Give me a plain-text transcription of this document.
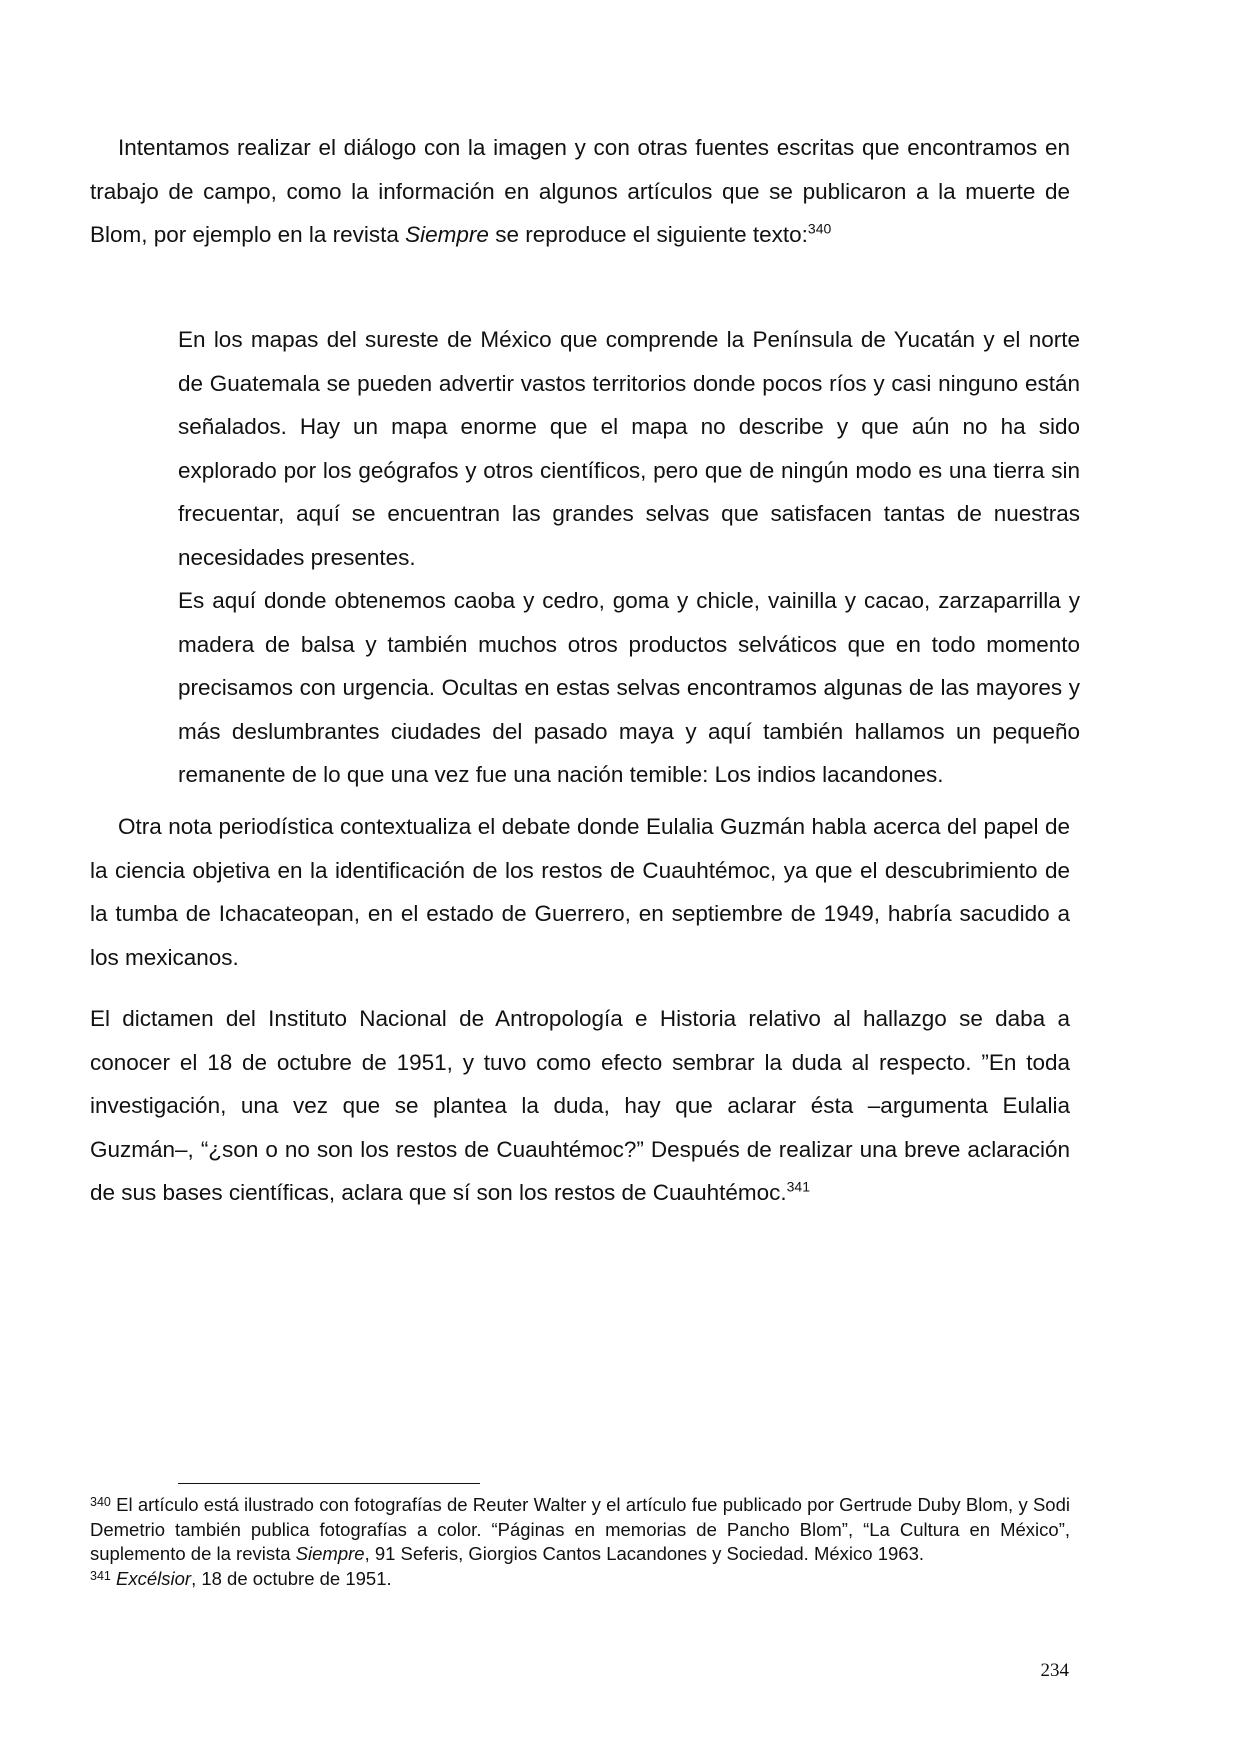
Intentamos realizar el diálogo con la imagen y con otras fuentes escritas que encontramos en trabajo de campo, como la información en algunos artículos que se publicaron a la muerte de Blom, por ejemplo en la revista Siempre se reproduce el siguiente texto:$^{340}$

En los mapas del sureste de México que comprende la Península de Yucatán y el norte de Guatemala se pueden advertir vastos territorios donde pocos ríos y casi ninguno están señalados. Hay un mapa enorme que el mapa no describe y que aún no ha sido explorado por los geógrafos y otros científicos, pero que de ningún modo es una tierra sin frecuentar, aquí se encuentran las grandes selvas que satisfacen tantas de nuestras necesidades presentes.

Es aquí donde obtenemos caoba y cedro, goma y chicle, vainilla y cacao, zarzaparrilla y madera de balsa y también muchos otros productos selváticos que en todo momento precisamos con urgencia. Ocultas en estas selvas encontramos algunas de las mayores y más deslumbrantes ciudades del pasado maya y aquí también hallamos un pequeño remanente de lo que una vez fue una nación temible: Los indios lacandones.

Otra nota periodística contextualiza el debate donde Eulalia Guzmán habla acerca del papel de la ciencia objetiva en la identificación de los restos de Cuauhtémoc, ya que el descubrimiento de la tumba de Ichacateopan, en el estado de Guerrero, en septiembre de 1949, habría sacudido a los mexicanos.

El dictamen del Instituto Nacional de Antropología e Historia relativo al hallazgo se daba a conocer el 18 de octubre de 1951, y tuvo como efecto sembrar la duda al respecto. ”En toda investigación, una vez que se plantea la duda, hay que aclarar ésta –argumenta Eulalia Guzmán–, “¿son o no son los restos de Cuauhtémoc?” Después de realizar una breve aclaración de sus bases científicas, aclara que sí son los restos de Cuauhtémoc.$^{341}$

$^{340}$ El artículo está ilustrado con fotografías de Reuter Walter y el artículo fue publicado por Gertrude Duby Blom, y Sodi Demetrio también publica fotografías a color. “Páginas en memorias de Pancho Blom”, “La Cultura en México”, suplemento de la revista Siempre, 91 Seferis, Giorgios Cantos Lacandones y Sociedad. México 1963.

$^{341}$ Excélsior, 18 de octubre de 1951.

234
